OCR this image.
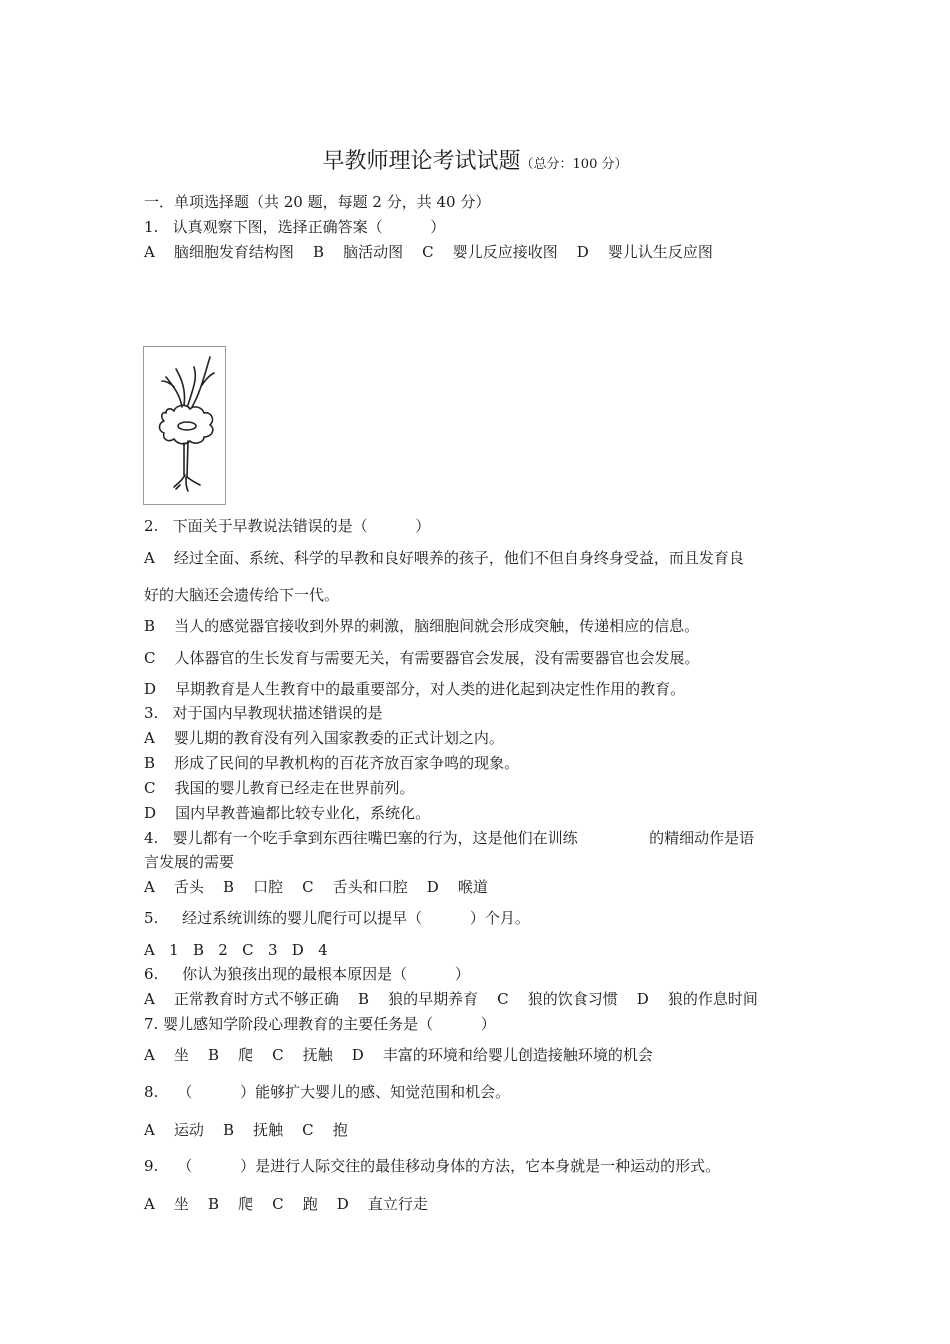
早教师理论考试试题（总分：100 分）
一．单项选择题（共 20 题，每题 2 分，共 40 分）
1.   认真观察下图，选择正确答案（          ）
A    脑细胞发育结构图    B    脑活动图    C    婴儿反应接收图    D    婴儿认生反应图
2.   下面关于早教说法错误的是（          ）
A    经过全面、系统、科学的早教和良好喂养的孩子，他们不但自身终身受益，而且发育良
好的大脑还会遗传给下一代。
B    当人的感觉器官接收到外界的刺激，脑细胞间就会形成突触，传递相应的信息。
C    人体器官的生长发育与需要无关，有需要器官会发展，没有需要器官也会发展。
D    早期教育是人生教育中的最重要部分，对人类的进化起到决定性作用的教育。
3.   对于国内早教现状描述错误的是
A    婴儿期的教育没有列入国家教委的正式计划之内。
B    形成了民间的早教机构的百花齐放百家争鸣的现象。
C    我国的婴儿教育已经走在世界前列。
D    国内早教普遍都比较专业化，系统化。
4.   婴儿都有一个吃手拿到东西往嘴巴塞的行为，这是他们在训练               的精细动作是语
言发展的需要
A    舌头    B    口腔    C    舌头和口腔    D    喉道
5.     经过系统训练的婴儿爬行可以提早（          ）个月。
A   1   B   2   C   3   D   4
6.     你认为狼孩出现的最根本原因是（          ）
A    正常教育时方式不够正确    B    狼的早期养育    C    狼的饮食习惯    D    狼的作息时间
7. 婴儿感知学阶段心理教育的主要任务是（          ）
A    坐    B    爬    C    抚触    D    丰富的环境和给婴儿创造接触环境的机会
8.    （          ）能够扩大婴儿的感、知觉范围和机会。
A    运动    B    抚触    C    抱
9.    （          ）是进行人际交往的最佳移动身体的方法，它本身就是一种运动的形式。
A    坐    B    爬    C    跑    D    直立行走
